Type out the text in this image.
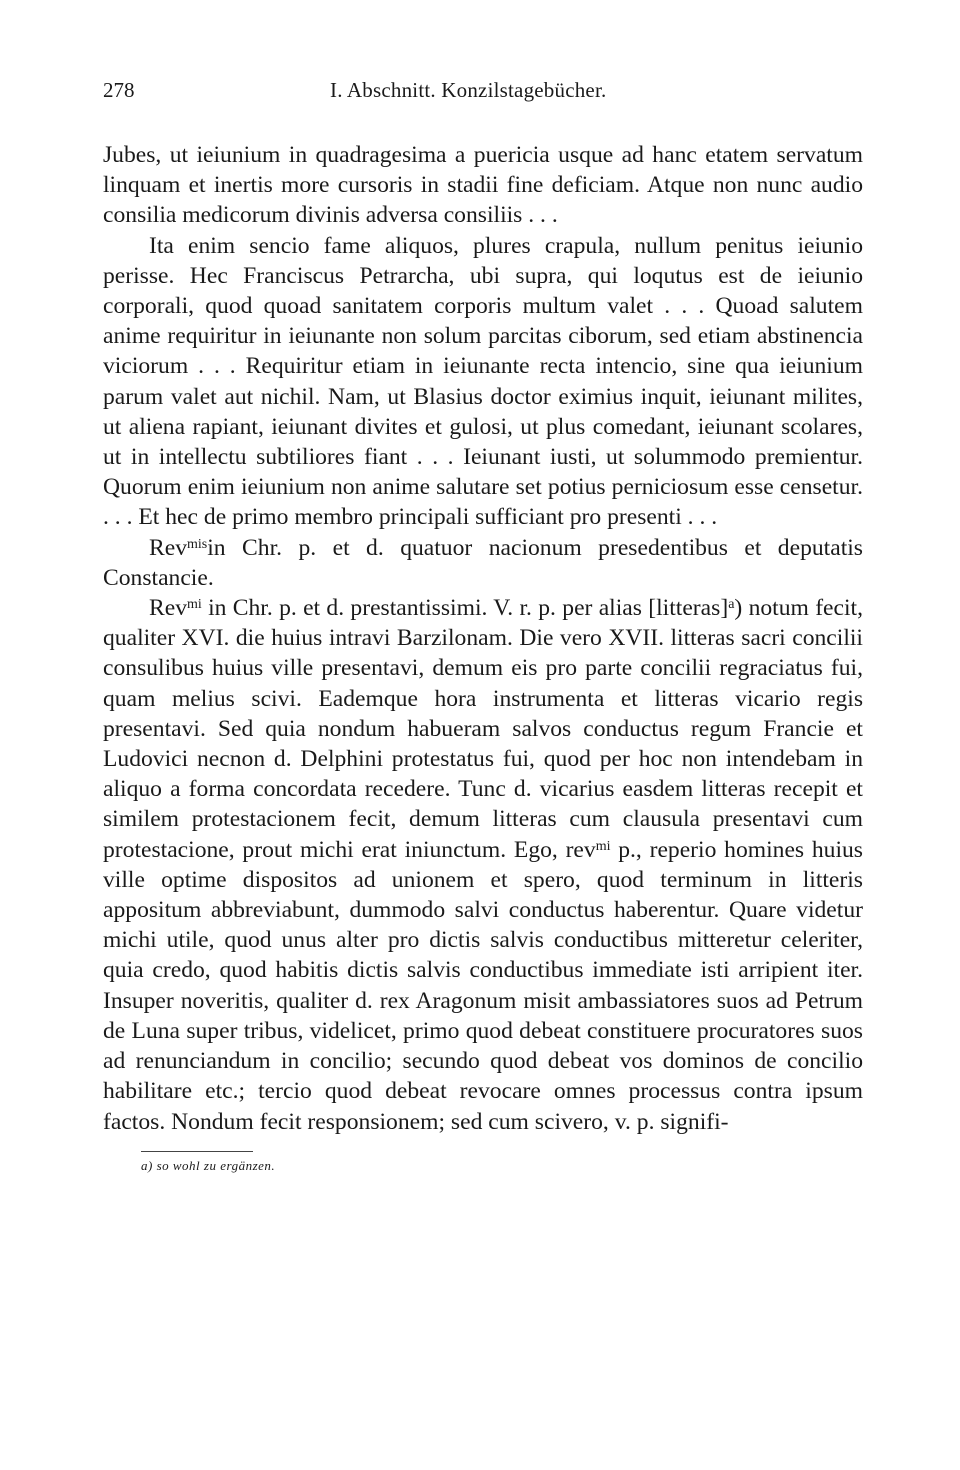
278	I. Abschnitt. Konzilstagebücher.

Jubes, ut ieiunium in quadragesima a puericia usque ad hanc etatem servatum linquam et inertis more cursoris in stadii fine deficiam. Atque non nunc audio consilia medicorum divinis adversa consiliis . . .

Ita enim sencio fame aliquos, plures crapula, nullum penitus ieiunio perisse. Hec Franciscus Petrarcha, ubi supra, qui loqutus est de ieiunio corporali, quod quoad sanitatem corporis multum valet . . . Quoad salutem anime requiritur in ieiunante non solum parcitas ciborum, sed etiam abstinencia viciorum . . . Requiritur etiam in ieiunante recta intencio, sine qua ieiunium parum valet aut nichil. Nam, ut Blasius doctor eximius inquit, ieiunant milites, ut aliena rapiant, ieiunant divites et gulosi, ut plus comedant, ieiunant scolares, ut in intellectu subtiliores fiant . . . Ieiunant iusti, ut solummodo premientur. Quorum enim ieiunium non anime salutare set potius perniciosum esse censetur. . . . Et hec de primo membro principali sufficiant pro presenti . . .

Rev$^{mis}$in Chr. p. et d. quatuor nacionum presedentibus et deputatis Constancie.

Rev$^{mi}$ in Chr. p. et d. prestantissimi. V. r. p. per alias [litteras]$^a$) notum fecit, qualiter XVI. die huius intravi Barzilonam. Die vero XVII. litteras sacri concilii consulibus huius ville presentavi, demum eis pro parte concilii regraciatus fui, quam melius scivi. Eademque hora instrumenta et litteras vicario regis presentavi. Sed quia nondum habueram salvos conductus regum Francie et Ludovici necnon d. Delphini protestatus fui, quod per hoc non intendebam in aliquo a forma concordata recedere. Tunc d. vicarius easdem litteras recepit et similem protestacionem fecit, demum litteras cum clausula presentavi cum protestacione, prout michi erat iniunctum. Ego, rev$^{mi}$ p., reperio homines huius ville optime dispositos ad unionem et spero, quod terminum in litteris appositum abbreviabunt, dummodo salvi conductus haberentur. Quare videtur michi utile, quod unus alter pro dictis salvis conductibus mitteretur celeriter, quia credo, quod habitis dictis salvis conductibus immediate isti arripient iter. Insuper noveritis, qualiter d. rex Aragonum misit ambassiatores suos ad Petrum de Luna super tribus, videlicet, primo quod debeat constituere procuratores suos ad renunciandum in concilio; secundo quod debeat vos dominos de concilio habilitare etc.; tercio quod debeat revocare omnes processus contra ipsum factos. Nondum fecit responsionem; sed cum scivero, v. p. signifi-

a) so wohl zu ergänzen.
